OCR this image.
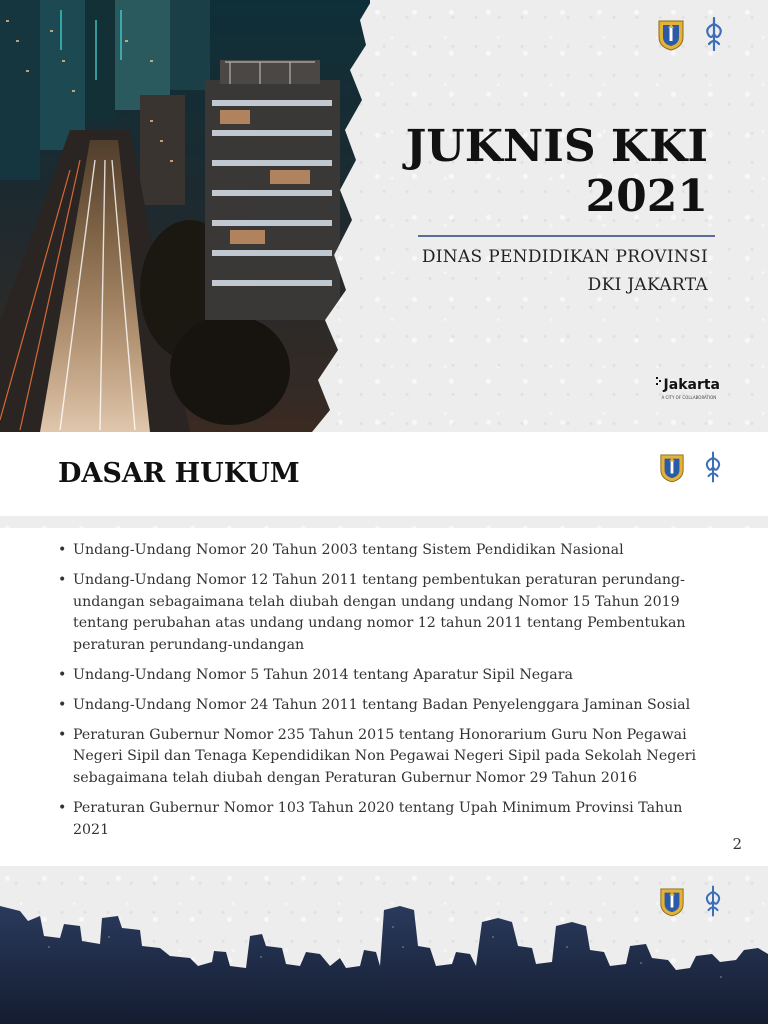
JUKNIS KKI
2021
DINAS PENDIDIKAN PROVINSI
DKI JAKARTA
Jakarta
A CITY OF COLLABORATION
DASAR HUKUM
• Undang-Undang Nomor 20 Tahun 2003 tentang Sistem Pendidikan Nasional
• Undang-Undang Nomor 12 Tahun 2011 tentang pembentukan peraturan perundang-undangan sebagaimana telah diubah dengan undang undang Nomor 15 Tahun 2019 tentang perubahan atas undang undang nomor 12 tahun 2011 tentang Pembentukan peraturan perundang-undangan
• Undang-Undang Nomor 5 Tahun 2014 tentang Aparatur Sipil Negara
• Undang-Undang Nomor 24 Tahun 2011 tentang Badan Penyelenggara Jaminan Sosial
• Peraturan Gubernur Nomor 235 Tahun 2015 tentang Honorarium Guru Non Pegawai Negeri Sipil dan Tenaga Kependidikan Non Pegawai Negeri Sipil pada Sekolah Negeri sebagaimana telah diubah dengan Peraturan Gubernur Nomor 29 Tahun 2016
• Peraturan Gubernur Nomor 103 Tahun 2020 tentang Upah Minimum Provinsi Tahun 2021
2
